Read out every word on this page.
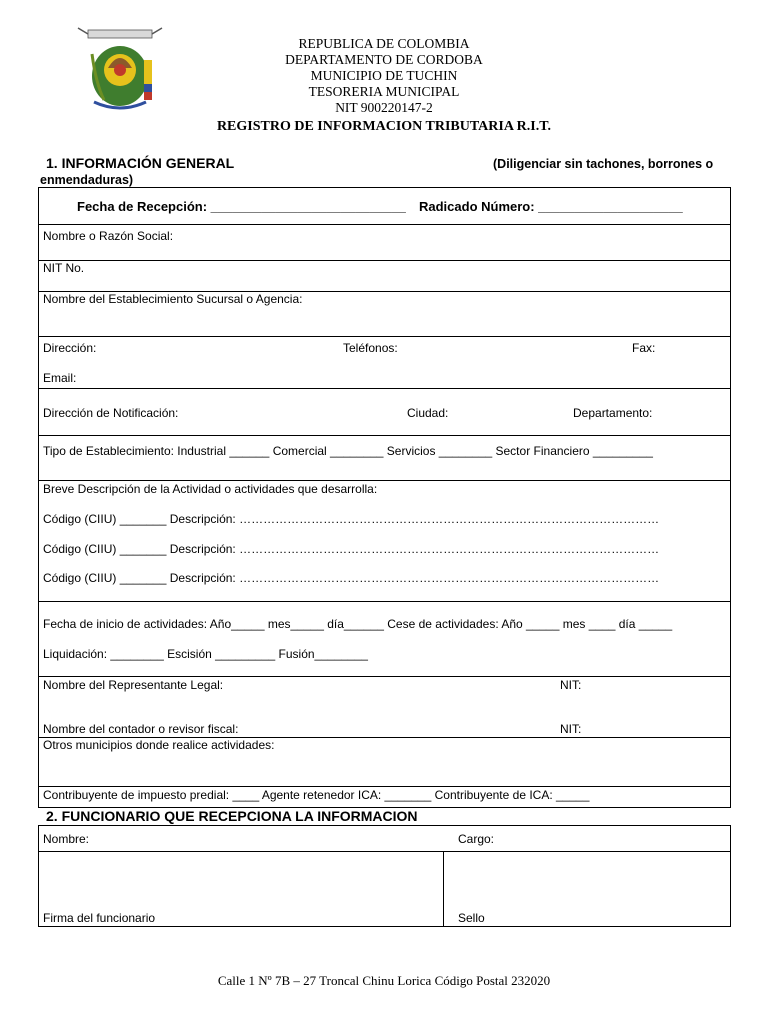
REPUBLICA DE COLOMBIA
DEPARTAMENTO DE CORDOBA
MUNICIPIO DE TUCHIN
TESORERIA MUNICIPAL
NIT 900220147-2
REGISTRO DE INFORMACION TRIBUTARIA R.I.T.
1. INFORMACIÓN GENERAL	(Diligenciar sin tachones, borrones o
enmendaduras)
Fecha de Recepción: ___________________________ Radicado Número: ____________________
Nombre o Razón Social:
NIT No.
Nombre del Establecimiento Sucursal o Agencia:
Dirección:	Teléfonos:	Fax:
Email:
Dirección de Notificación:	Ciudad:	Departamento:
Tipo de Establecimiento: Industrial ______ Comercial ________ Servicios ________ Sector Financiero _________
Breve Descripción de la Actividad o actividades que desarrolla:
Código (CIIU) _______ Descripción: ……………………………………………………………………………………………
Código (CIIU) _______ Descripción: ……………………………………………………………………………………………
Código (CIIU) _______ Descripción: ……………………………………………………………………………………………
Fecha de inicio de actividades: Año_____ mes_____ día______ Cese de actividades: Año _____ mes ____ día _____
Liquidación: ________ Escisión _________ Fusión________
Nombre del Representante Legal:	NIT:
Nombre del contador o revisor fiscal:	NIT:
Otros municipios donde realice actividades:
Contribuyente de impuesto predial: ____ Agente retenedor ICA: _______ Contribuyente de ICA: _____
2. FUNCIONARIO QUE RECEPCIONA LA INFORMACION
Nombre:	Cargo:
Firma del funcionario	Sello
Calle 1 Nº 7B – 27 Troncal Chinu Lorica Código Postal 232020
